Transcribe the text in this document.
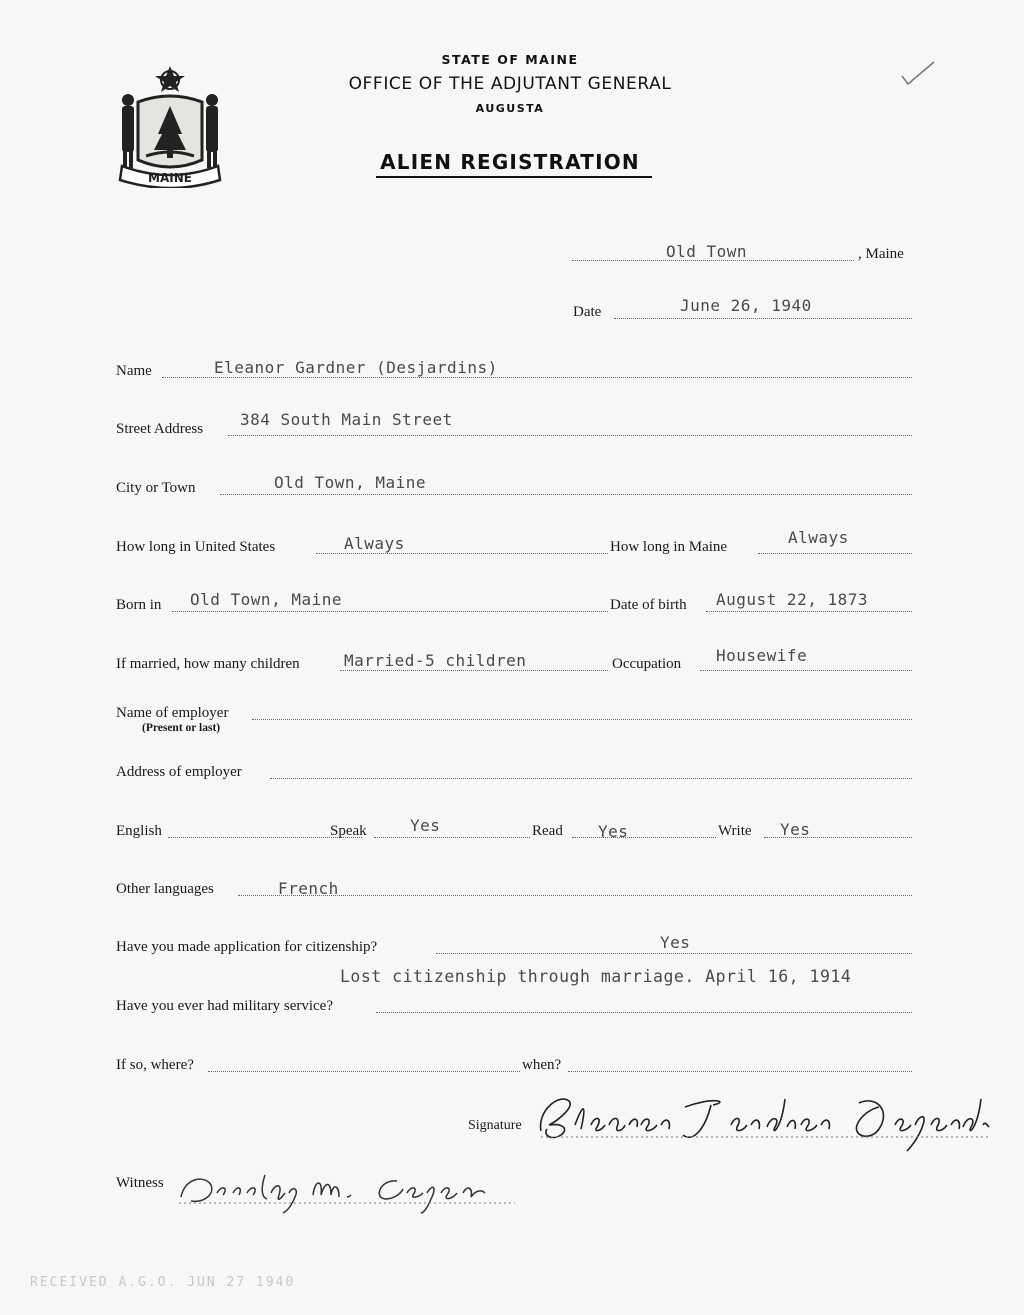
MAINE
STATE OF MAINE
OFFICE OF THE ADJUTANT GENERAL
AUGUSTA
ALIEN REGISTRATION
Old Town	, Maine
Date	June 26, 1940
Name	Eleanor Gardner (Desjardins)
Street Address 384 South Main Street
City or Town	Old Town, Maine
How long in United States	Always	How long in Maine	Always
Born in Old Town, Maine	Date of birth August 22, 1873
If married, how many children	Married-5 children	Occupation Housewife
Name of employer
(Present or last)
Address of employer
English	Speak	Yes	Read Yes	Write Yes
Other languages	French
Have you made application for citizenship?	Yes
Lost citizenship through marriage. April 16, 1914
Have you ever had military service?
If so, where?	when?
Signature
Witness
RECEIVED A.G.O. JUN 27 1940
